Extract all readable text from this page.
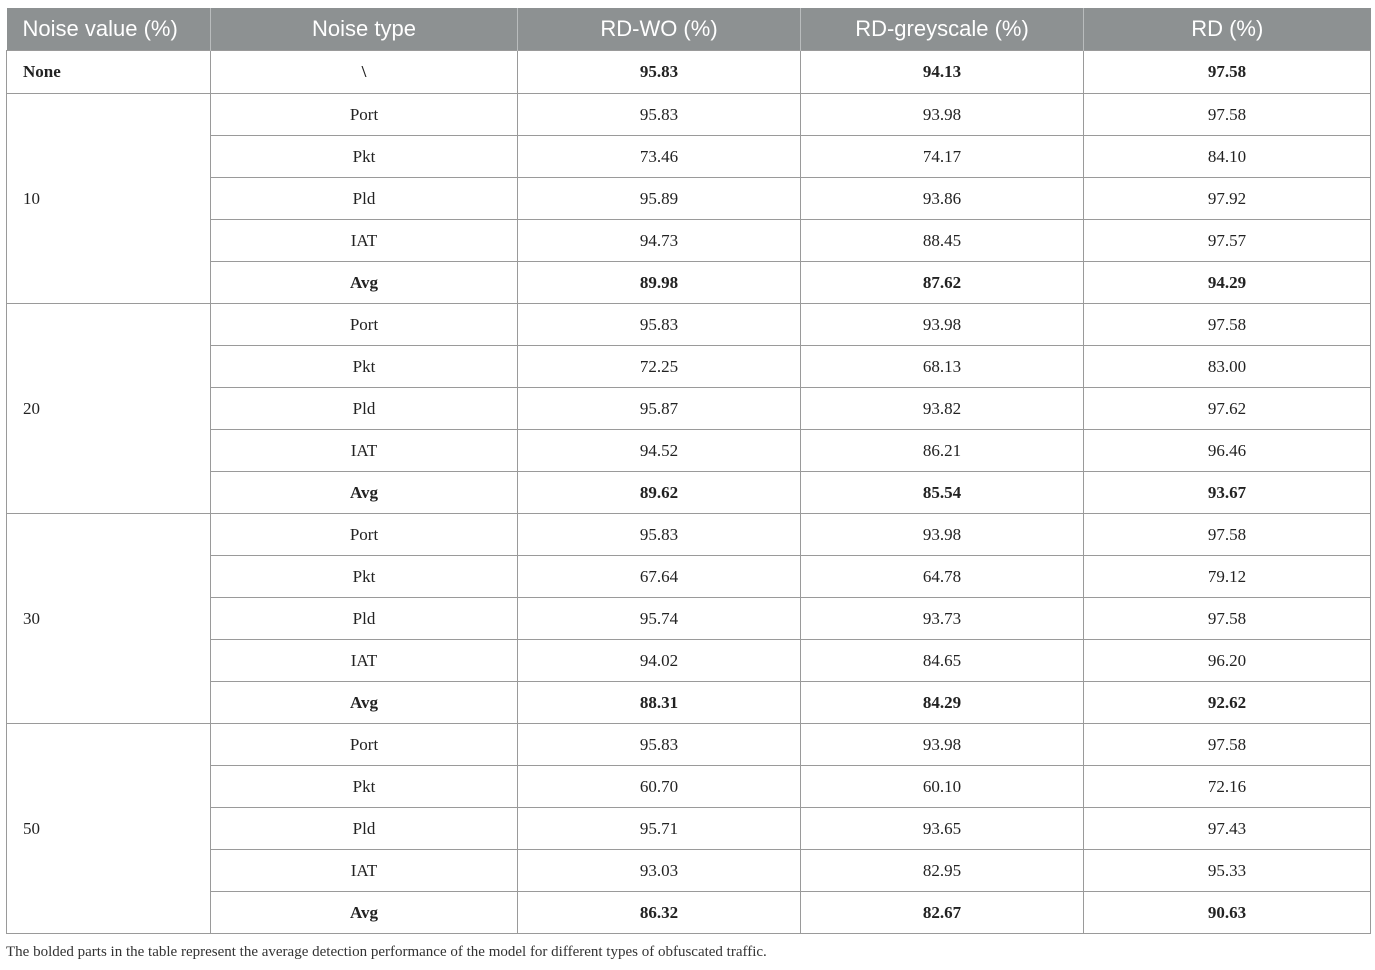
Noise value (%)	Noise type	RD-WO (%)	RD-greyscale (%)	RD (%)
None	\	95.83	94.13	97.58
10	Port	95.83	93.98	97.58
	Pkt	73.46	74.17	84.10
	Pld	95.89	93.86	97.92
	IAT	94.73	88.45	97.57
	Avg	89.98	87.62	94.29
20	Port	95.83	93.98	97.58
	Pkt	72.25	68.13	83.00
	Pld	95.87	93.82	97.62
	IAT	94.52	86.21	96.46
	Avg	89.62	85.54	93.67
30	Port	95.83	93.98	97.58
	Pkt	67.64	64.78	79.12
	Pld	95.74	93.73	97.58
	IAT	94.02	84.65	96.20
	Avg	88.31	84.29	92.62
50	Port	95.83	93.98	97.58
	Pkt	60.70	60.10	72.16
	Pld	95.71	93.65	97.43
	IAT	93.03	82.95	95.33
	Avg	86.32	82.67	90.63
The bolded parts in the table represent the average detection performance of the model for different types of obfuscated traffic.
